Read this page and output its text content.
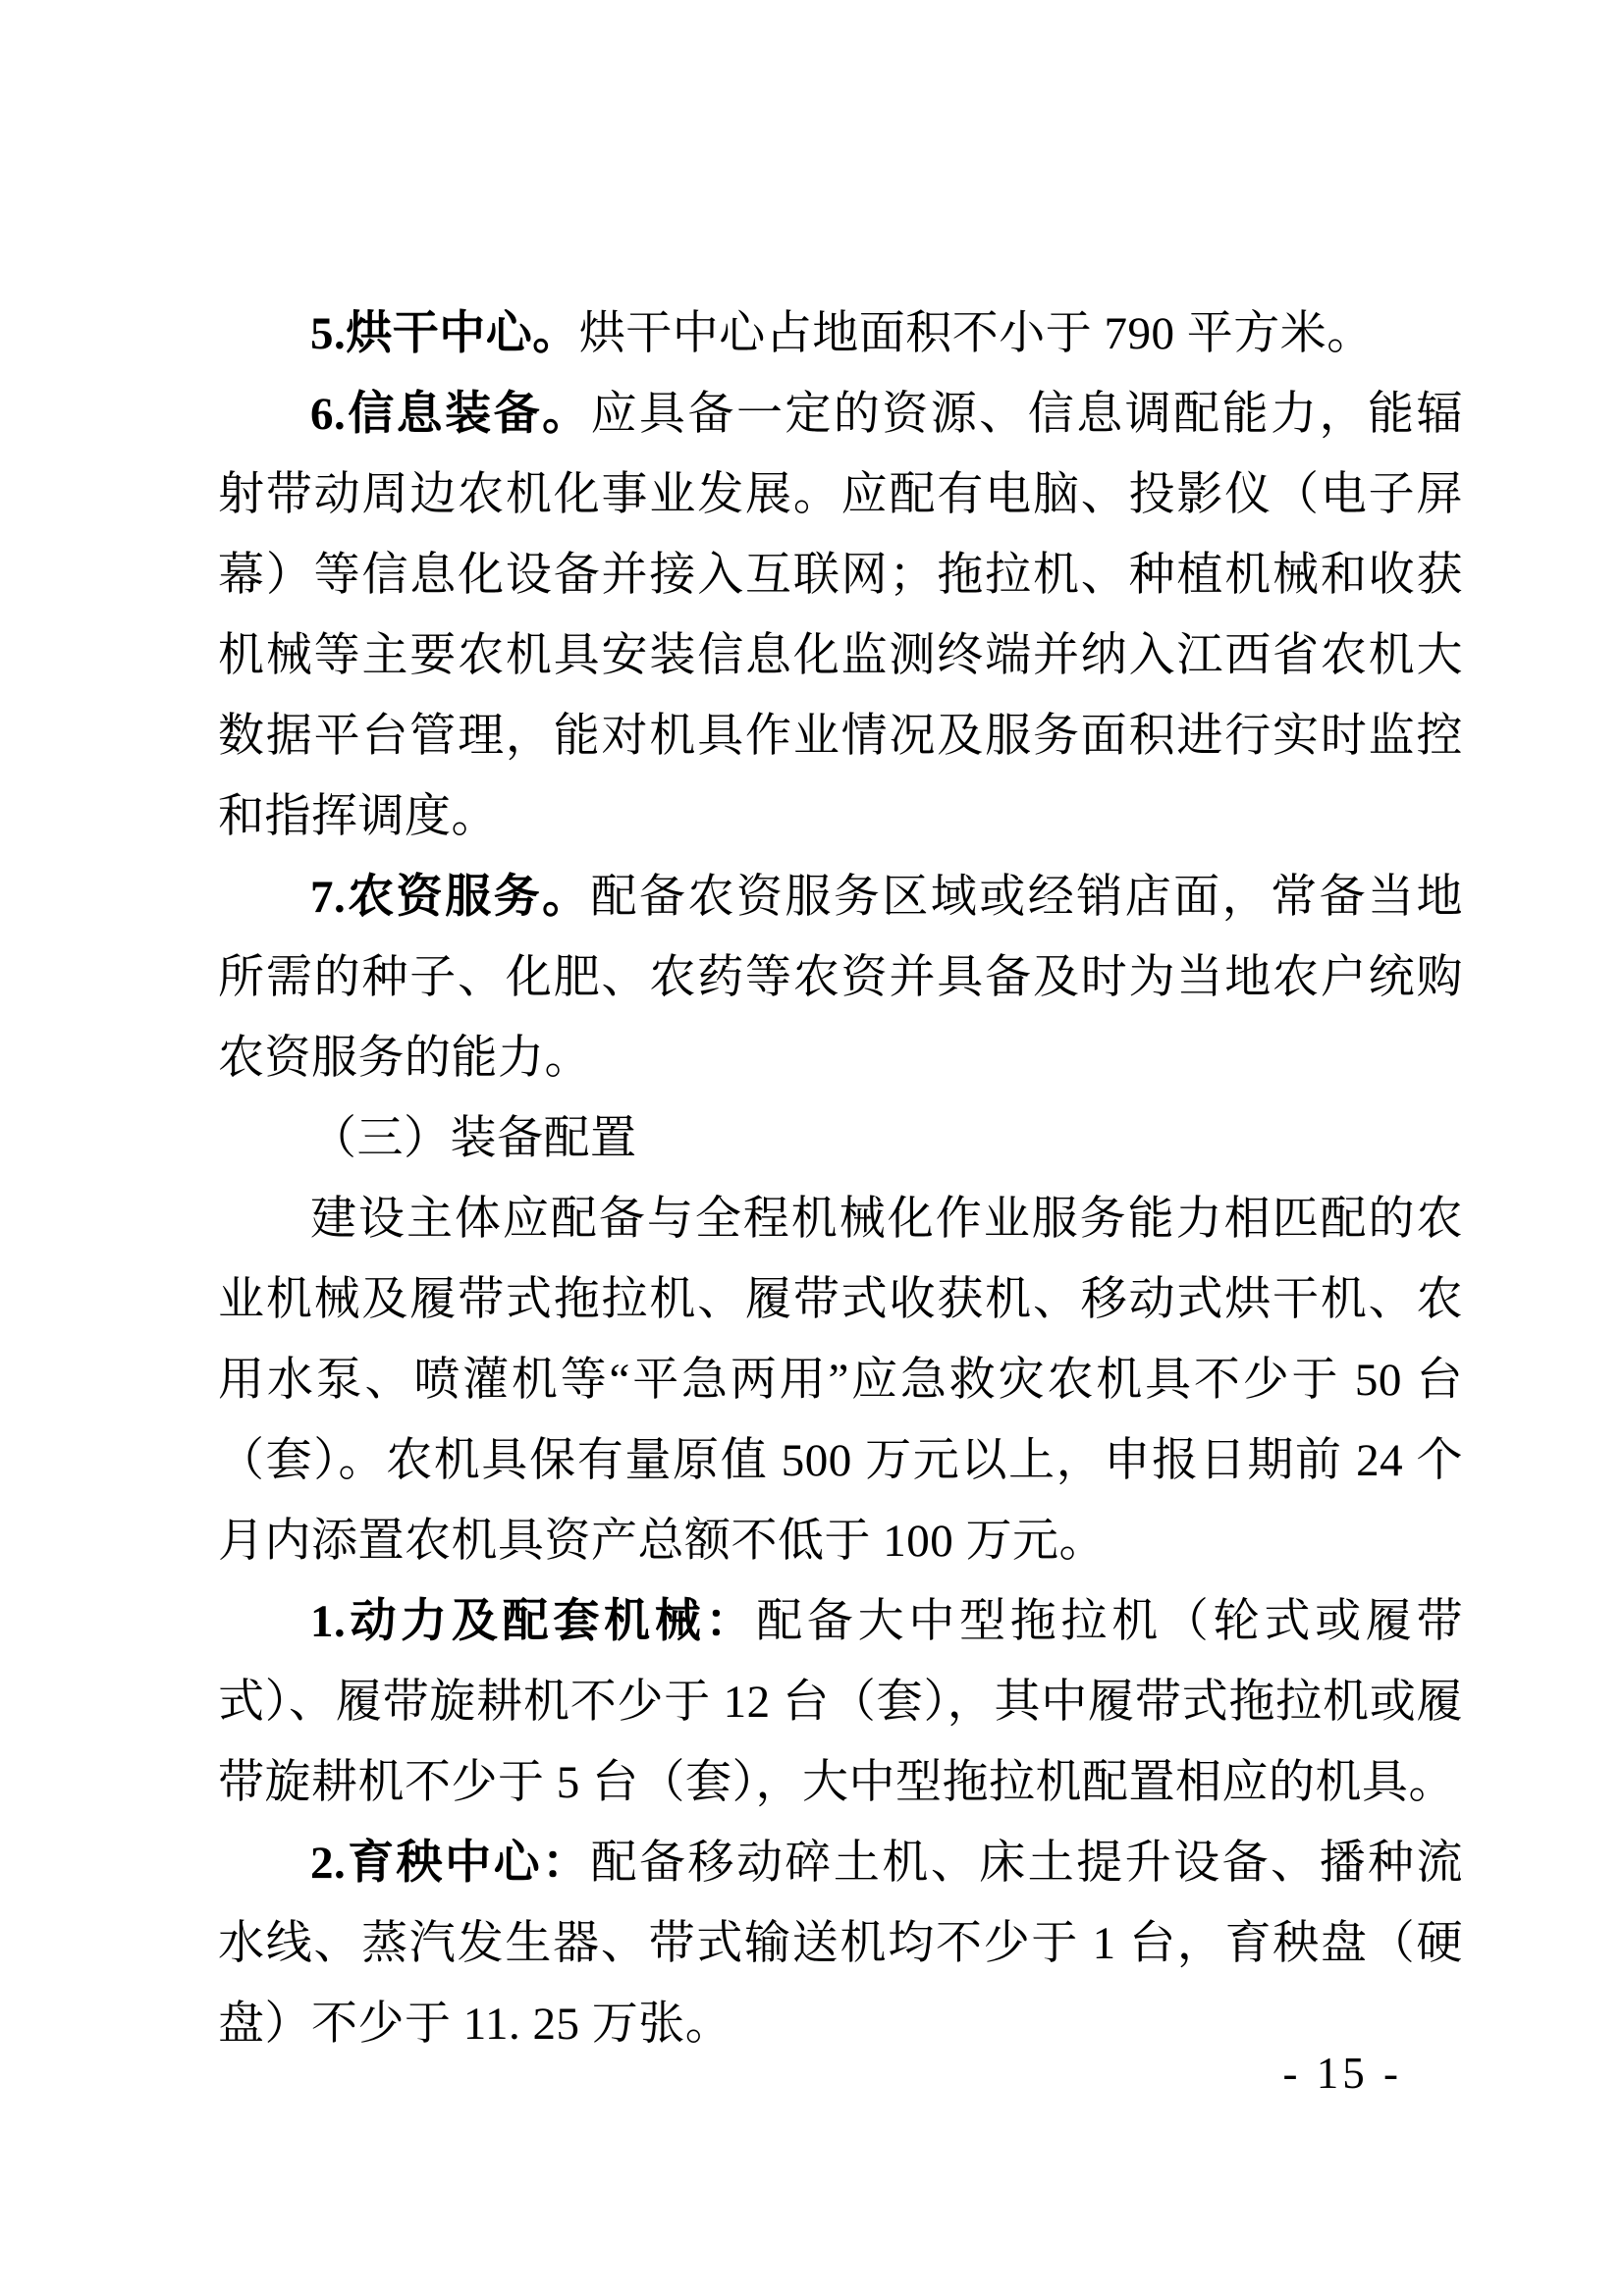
5.烘干中心。烘干中心占地面积不小于 790 平方米。

6.信息装备。应具备一定的资源、信息调配能力，能辐射带动周边农机化事业发展。应配有电脑、投影仪（电子屏幕）等信息化设备并接入互联网；拖拉机、种植机械和收获机械等主要农机具安装信息化监测终端并纳入江西省农机大数据平台管理，能对机具作业情况及服务面积进行实时监控和指挥调度。

7.农资服务。配备农资服务区域或经销店面，常备当地所需的种子、化肥、农药等农资并具备及时为当地农户统购农资服务的能力。

（三）装备配置

建设主体应配备与全程机械化作业服务能力相匹配的农业机械及履带式拖拉机、履带式收获机、移动式烘干机、农用水泵、喷灌机等“平急两用”应急救灾农机具不少于 50 台（套）。农机具保有量原值 500 万元以上，申报日期前 24 个月内添置农机具资产总额不低于 100 万元。

1.动力及配套机械：配备大中型拖拉机（轮式或履带式）、履带旋耕机不少于 12 台（套），其中履带式拖拉机或履带旋耕机不少于 5 台（套），大中型拖拉机配置相应的机具。

2.育秧中心：配备移动碎土机、床土提升设备、播种流水线、蒸汽发生器、带式输送机均不少于 1 台，育秧盘（硬盘）不少于 11. 25 万张。

- 15 -
